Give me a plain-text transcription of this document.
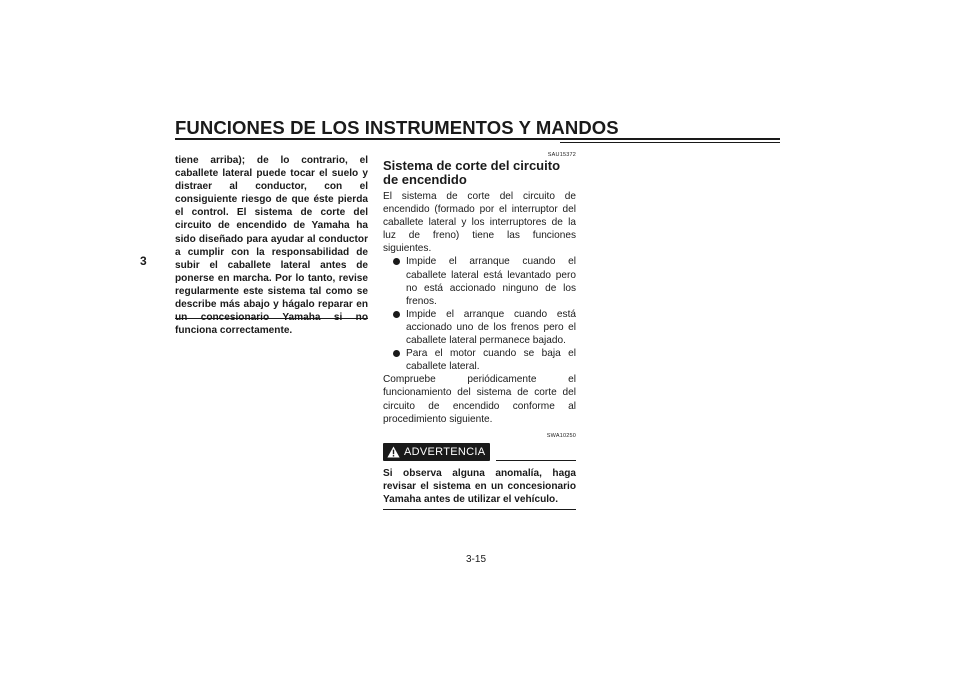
FUNCIONES DE LOS INSTRUMENTOS Y MANDOS
3

tiene arriba); de lo contrario, el caballete lateral puede tocar el suelo y distraer al conductor, con el consiguiente riesgo de que éste pierda el control. El sistema de corte del circuito de encendido de Yamaha ha sido diseñado para ayudar al conductor a cumplir con la responsabilidad de subir el caballete lateral antes de ponerse en marcha. Por lo tanto, revise regularmente este sistema tal como se describe más abajo y hágalo reparar en un concesionario Yamaha si no funciona correctamente.

SAU15372
Sistema de corte del circuito de encendido

El sistema de corte del circuito de encendido (formado por el interruptor del caballete lateral y los interruptores de la luz de freno) tiene las funciones siguientes.

Impide el arranque cuando el caballete lateral está levantado pero no está accionado ninguno de los frenos.
Impide el arranque cuando está accionado uno de los frenos pero el caballete lateral permanece bajado.
Para el motor cuando se baja el caballete lateral.

Compruebe periódicamente el funcionamiento del sistema de corte del circuito de encendido conforme al procedimiento siguiente.

SWA10250
ADVERTENCIA

Si observa alguna anomalía, haga revisar el sistema en un concesionario Yamaha antes de utilizar el vehículo.

3-15
